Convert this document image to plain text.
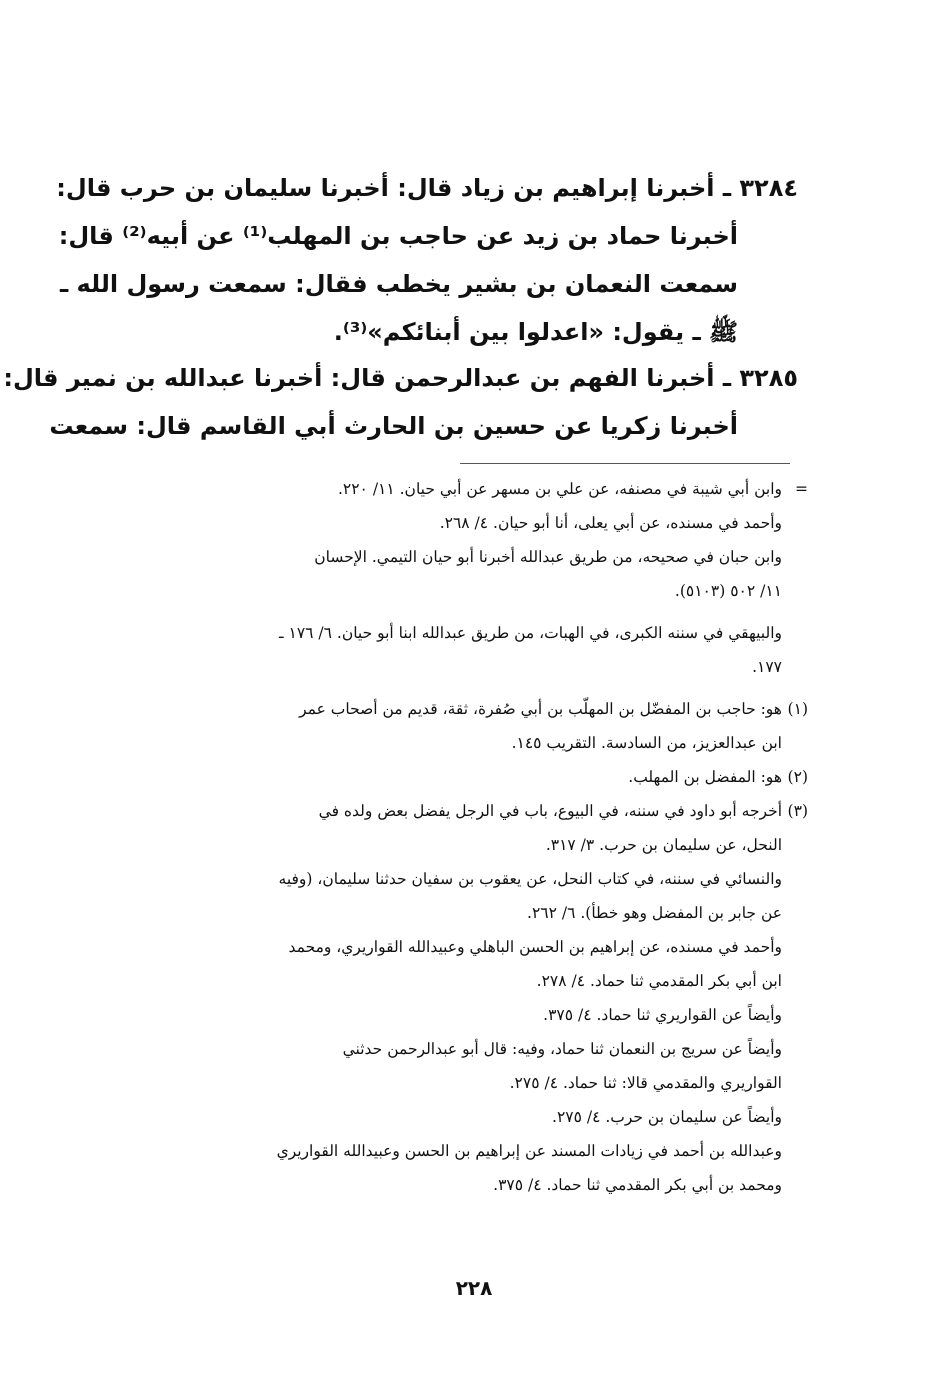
٣٢٨٤ ـ أخبرنا إبراهيم بن زياد قال: أخبرنا سليمان بن حرب قال:
أخبرنا حماد بن زيد عن حاجب بن المهلب⁽¹⁾ عن أبيه⁽²⁾ قال:
سمعت النعمان بن بشير يخطب فقال: سمعت رسول الله ـ
ﷺ ـ يقول: «اعدلوا بين أبنائكم»⁽³⁾.
٣٢٨٥ ـ أخبرنا الفهم بن عبدالرحمن قال: أخبرنا عبدالله بن نمير قال:
أخبرنا زكريا عن حسين بن الحارث أبي القاسم قال: سمعت
=وابن أبي شيبة في مصنفه، عن علي بن مسهر عن أبي حيان. ١١/ ٢٢٠.
وأحمد في مسنده، عن أبي يعلى، أنا أبو حيان. ٤/ ٢٦٨.
وابن حبان في صحيحه، من طريق عبدالله أخبرنا أبو حيان التيمي. الإحسان
١١/ ٥٠٢ (٥١٠٣).
والبيهقي في سننه الكبرى، في الهبات، من طريق عبدالله ابنا أبو حيان. ٦/ ١٧٦ ـ
١٧٧.
(١)هو: حاجب بن المفضّل بن المهلّب بن أبي صُفرة، ثقة، قديم من أصحاب عمر
ابن عبدالعزيز، من السادسة. التقريب ١٤٥.
(٢)هو: المفضل بن المهلب.
(٣)أخرجه أبو داود في سننه، في البيوع، باب في الرجل يفضل بعض ولده في
النحل، عن سليمان بن حرب. ٣/ ٣١٧.
والنسائي في سننه، في كتاب النحل، عن يعقوب بن سفيان حدثنا سليمان، (وفيه
عن جابر بن المفضل وهو خطأ). ٦/ ٢٦٢.
وأحمد في مسنده، عن إبراهيم بن الحسن الباهلي وعبيدالله القواريري، ومحمد
ابن أبي بكر المقدمي ثنا حماد. ٤/ ٢٧٨.
وأيضاً عن القواريري ثنا حماد. ٤/ ٣٧٥.
وأيضاً عن سريج بن النعمان ثنا حماد، وفيه: قال أبو عبدالرحمن حدثني
القواريري والمقدمي قالا: ثنا حماد. ٤/ ٢٧٥.
وأيضاً عن سليمان بن حرب. ٤/ ٢٧٥.
وعبدالله بن أحمد في زيادات المسند عن إبراهيم بن الحسن وعبيدالله القواريري
ومحمد بن أبي بكر المقدمي ثنا حماد. ٤/ ٣٧٥.
٢٢٨
